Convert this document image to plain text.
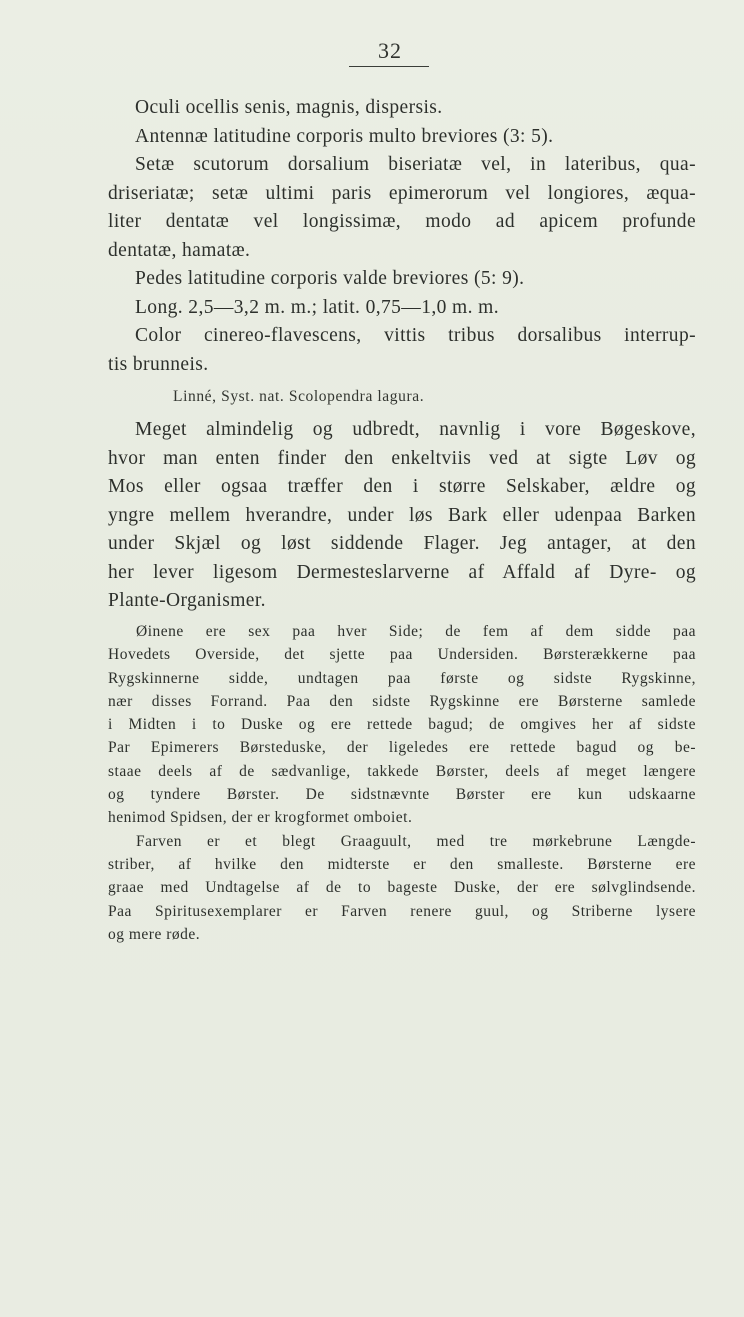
32
Oculi ocellis senis, magnis, dispersis.
Antennæ latitudine corporis multo breviores (3: 5).
Setæ scutorum dorsalium biseriatæ vel, in lateribus, qua-
driseriatæ; setæ ultimi paris epimerorum vel longiores, æqua-
liter dentatæ vel longissimæ, modo ad apicem profunde
dentatæ, hamatæ.
Pedes latitudine corporis valde breviores (5: 9).
Long. 2,5—3,2 m. m.; latit. 0,75—1,0 m. m.
Color cinereo-flavescens, vittis tribus dorsalibus interrup-
tis brunneis.
Linné, Syst. nat. Scolopendra lagura.
Meget almindelig og udbredt, navnlig i vore Bøgeskove,
hvor man enten finder den enkeltviis ved at sigte Løv og
Mos eller ogsaa træffer den i større Selskaber, ældre og
yngre mellem hverandre, under løs Bark eller udenpaa Barken
under Skjæl og løst siddende Flager. Jeg antager, at den
her lever ligesom Dermesteslarverne af Affald af Dyre- og
Plante-Organismer.
Øinene ere sex paa hver Side; de fem af dem sidde paa
Hovedets Overside, det sjette paa Undersiden. Børsterækkerne paa
Rygskinnerne sidde, undtagen paa første og sidste Rygskinne,
nær disses Forrand. Paa den sidste Rygskinne ere Børsterne samlede
i Midten i to Duske og ere rettede bagud; de omgives her af sidste
Par Epimerers Børsteduske, der ligeledes ere rettede bagud og be-
staae deels af de sædvanlige, takkede Børster, deels af meget længere
og tyndere Børster. De sidstnævnte Børster ere kun udskaarne
henimod Spidsen, der er krogformet omboiet.
Farven er et blegt Graaguult, med tre mørkebrune Længde-
striber, af hvilke den midterste er den smalleste. Børsterne ere
graae med Undtagelse af de to bageste Duske, der ere sølvglindsende.
Paa Spiritusexemplarer er Farven renere guul, og Striberne lysere
og mere røde.
